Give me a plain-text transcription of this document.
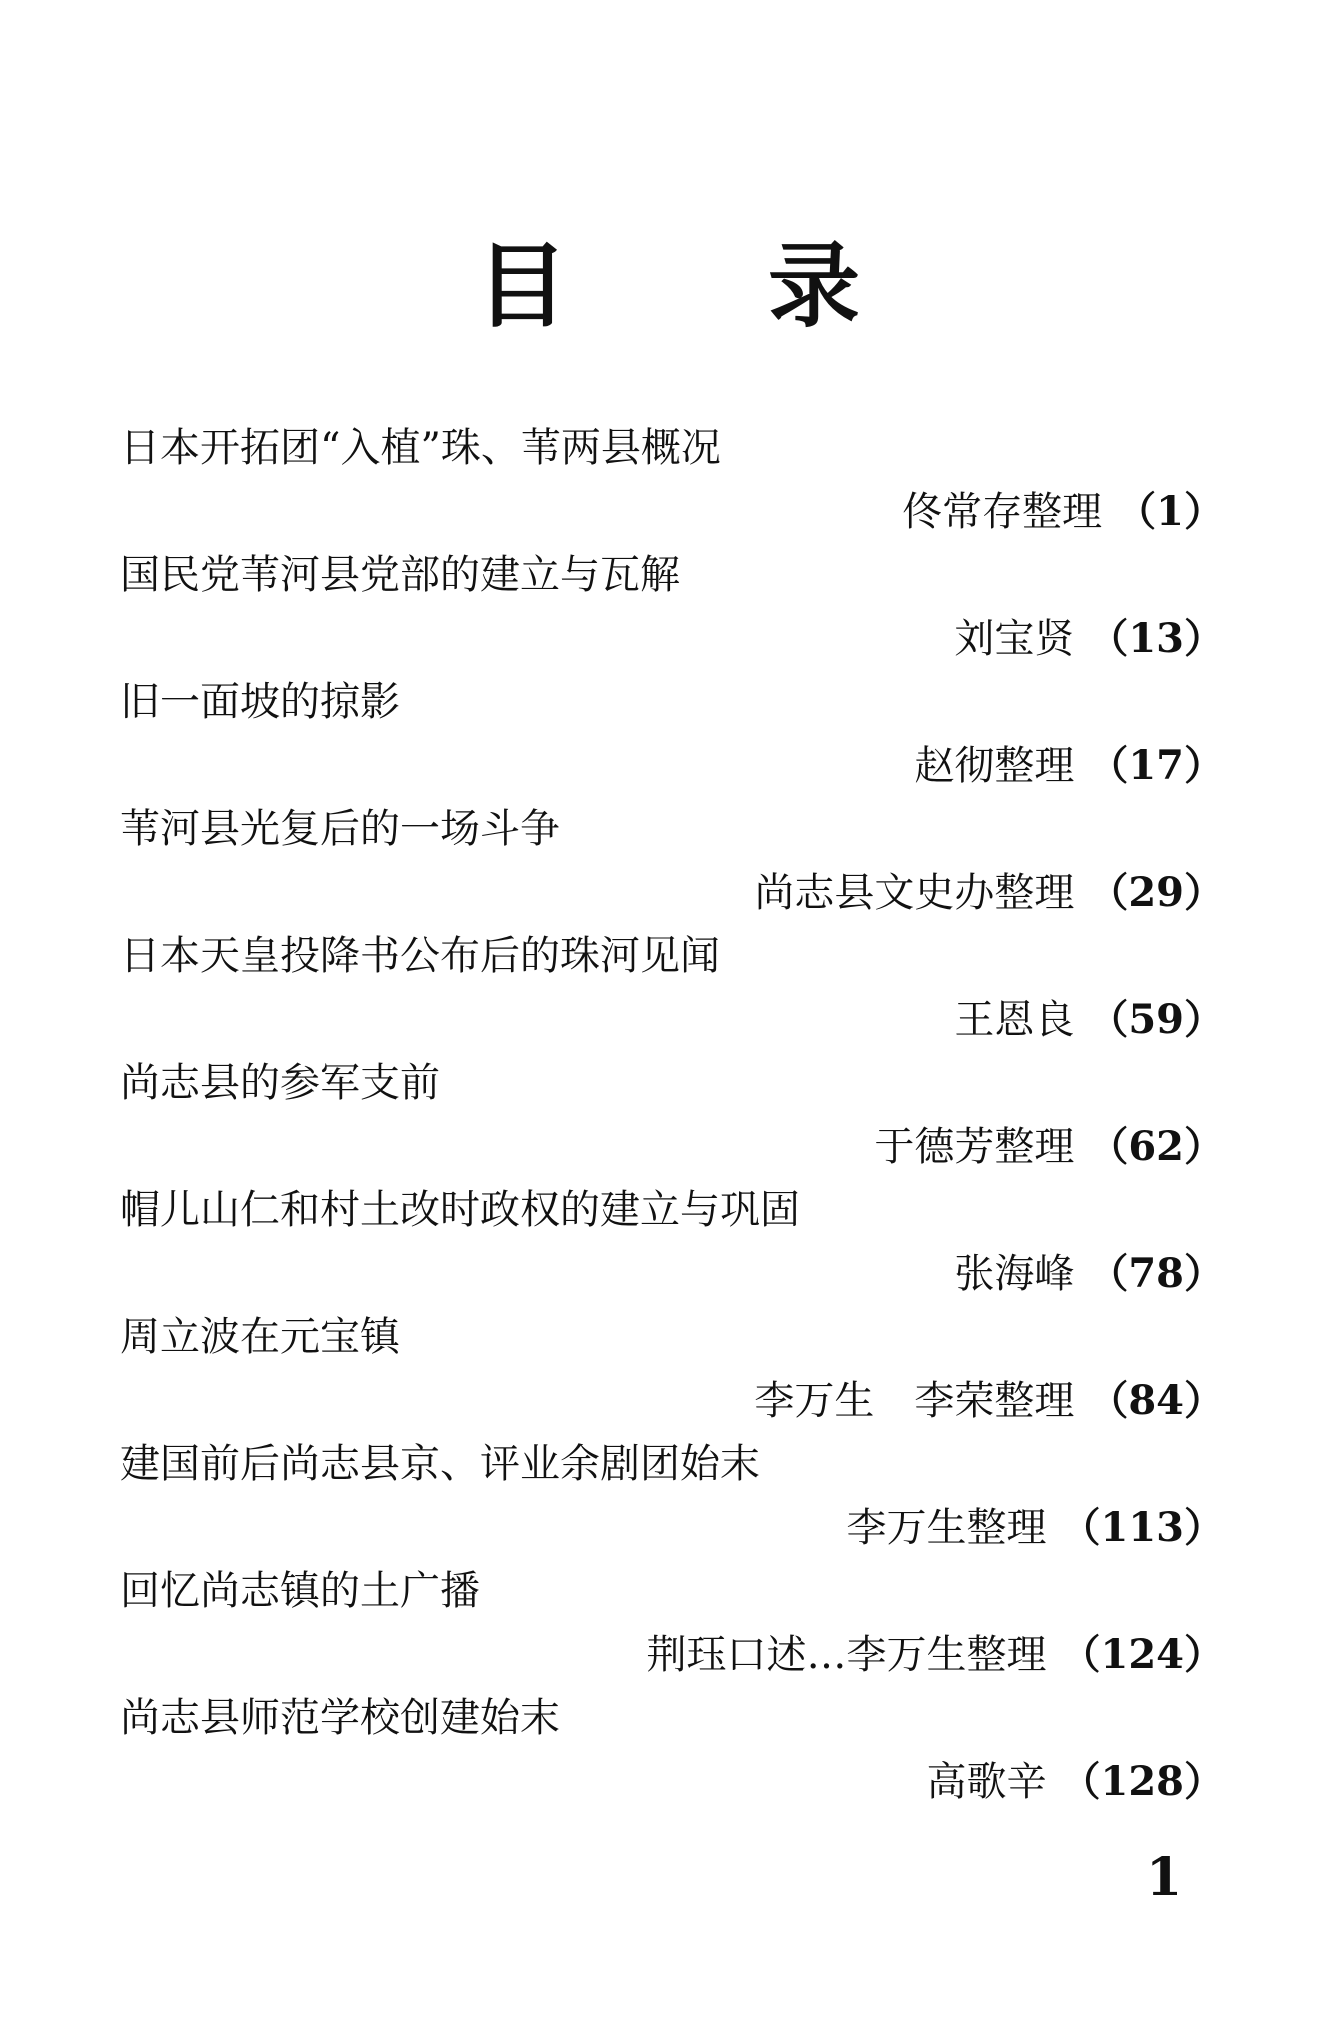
目 录
日本开拓团“入植”珠、苇两县概况
佟常存整理 （1）
国民党苇河县党部的建立与瓦解
刘宝贤 （13）
旧一面坡的掠影
赵彻整理 （17）
苇河县光复后的一场斗争
尚志县文史办整理 （29）
日本天皇投降书公布后的珠河见闻
王恩良 （59）
尚志县的参军支前
于德芳整理 （62）
帽儿山仁和村土改时政权的建立与巩固
张海峰 （78）
周立波在元宝镇
李万生　李荣整理 （84）
建国前后尚志县京、评业余剧团始末
李万生整理 （113）
回忆尚志镇的土广播
荆珏口述…李万生整理 （124）
尚志县师范学校创建始末
高歌辛 （128）
1
